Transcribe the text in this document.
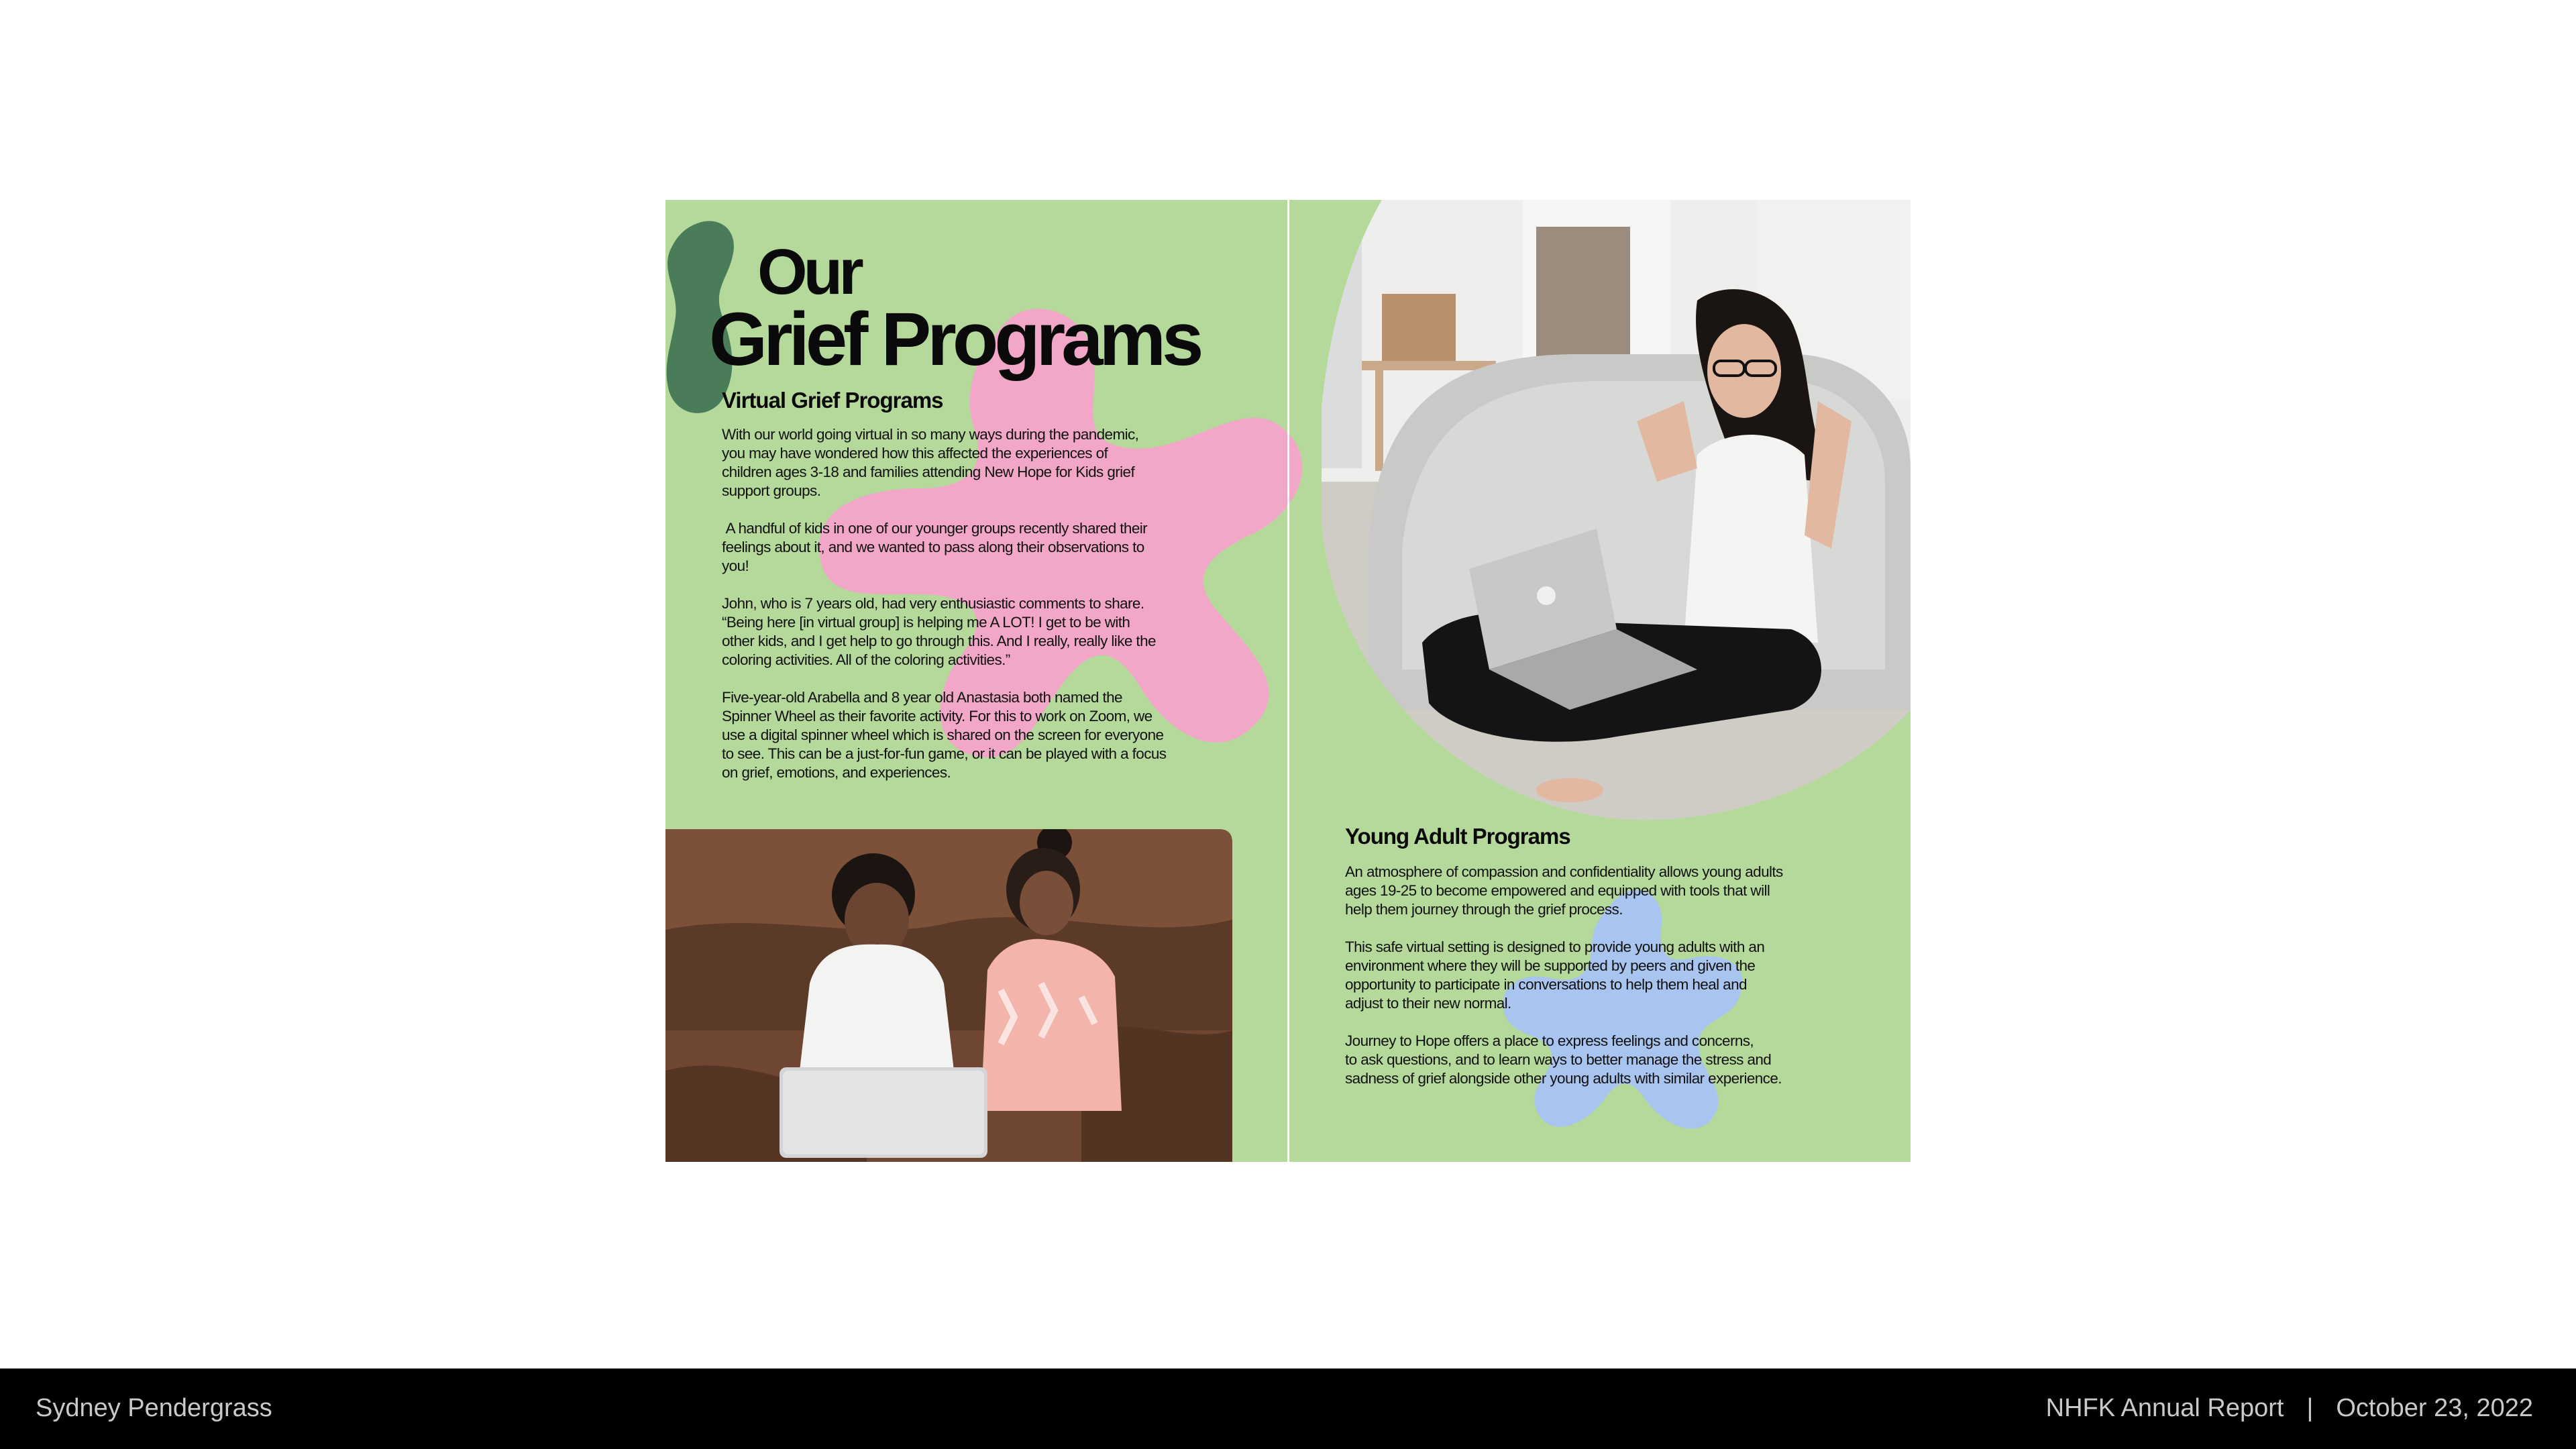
Our
Grief Programs
Virtual Grief Programs

With our world going virtual in so many ways during the pandemic,
you may have wondered how this affected the experiences of
children ages 3-18 and families attending New Hope for Kids grief
support groups.

A handful of kids in one of our younger groups recently shared their
feelings about it, and we wanted to pass along their observations to
you!

John, who is 7 years old, had very enthusiastic comments to share.
“Being here [in virtual group] is helping me A LOT! I get to be with
other kids, and I get help to go through this. And I really, really like the
coloring activities. All of the coloring activities.”

Five-year-old Arabella and 8 year old Anastasia both named the
Spinner Wheel as their favorite activity. For this to work on Zoom, we
use a digital spinner wheel which is shared on the screen for everyone
to see. This can be a just-for-fun game, or it can be played with a focus
on grief, emotions, and experiences.

Young Adult Programs

An atmosphere of compassion and confidentiality allows young adults
ages 19-25 to become empowered and equipped with tools that will
help them journey through the grief process.

This safe virtual setting is designed to provide young adults with an
environment where they will be supported by peers and given the
opportunity to participate in conversations to help them heal and
adjust to their new normal.

Journey to Hope offers a place to express feelings and concerns,
to ask questions, and to learn ways to better manage the stress and
sadness of grief alongside other young adults with similar experience.

Sydney Pendergrass	NHFK Annual Report | October 23, 2022
